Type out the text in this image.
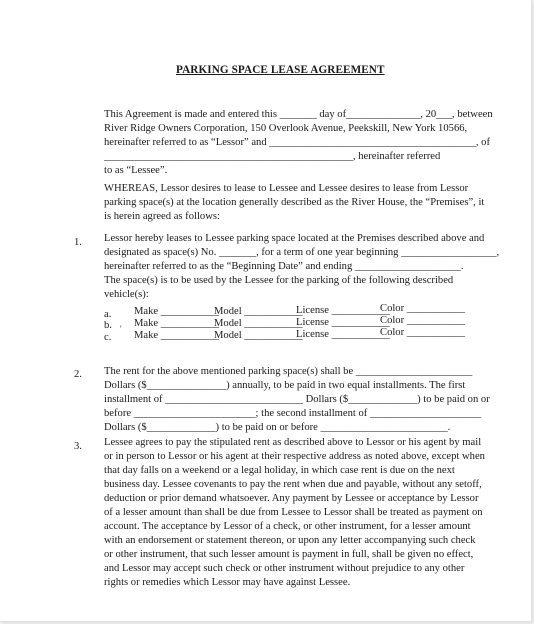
PARKING SPACE LEASE AGREEMENT
This Agreement is made and entered this _______ day of______________, 20___, between
River Ridge Owners Corporation, 150 Overlook Avenue, Peekskill, New York 10566,
hereinafter referred to as “Lessor” and _______________________________________, of
_______________________________________________, hereinafter referred
to as “Lessee”.
WHEREAS, Lessor desires to lease to Lessee and Lessee desires to lease from Lessor
parking space(s) at the location generally described as the River House, the “Premises”, it
is herein agreed as follows:
1. Lessor hereby leases to Lessee parking space located at the Premises described above and
designated as space(s) No. _______, for a term of one year beginning __________________,
hereinafter referred to as the “Beginning Date” and ending ____________________.
The space(s) is to be used by the Lessee for the parking of the following described
vehicle(s):
a. Make ___________
Model ___________
License ___________
Color ___________
b. Make ___________
Model ___________
License ___________
Color ___________
c. Make ___________
Model ___________
License ___________
Color ___________
'
2. The rent for the above mentioned parking space(s) shall be ______________________
Dollars ($_______________) annually, to be paid in two equal installments. The first
installment of __________________________ Dollars ($_____________) to be paid on or
before _______________________; the second installment of _____________________
Dollars ($_____________) to be paid on or before ________________________.
3. Lessee agrees to pay the stipulated rent as described above to Lessor or his agent by mail
or in person to Lessor or his agent at their respective address as noted above, except when
that day falls on a weekend or a legal holiday, in which case rent is due on the next
business day. Lessee covenants to pay the rent when due and payable, without any setoff,
deduction or prior demand whatsoever. Any payment by Lessee or acceptance by Lessor
of a lesser amount than shall be due from Lessee to Lessor shall be treated as payment on
account. The acceptance by Lessor of a check, or other instrument, for a lesser amount
with an endorsement or statement thereon, or upon any letter accompanying such check
or other instrument, that such lesser amount is payment in full, shall be given no effect,
and Lessor may accept such check or other instrument without prejudice to any other
rights or remedies which Lessor may have against Lessee.
